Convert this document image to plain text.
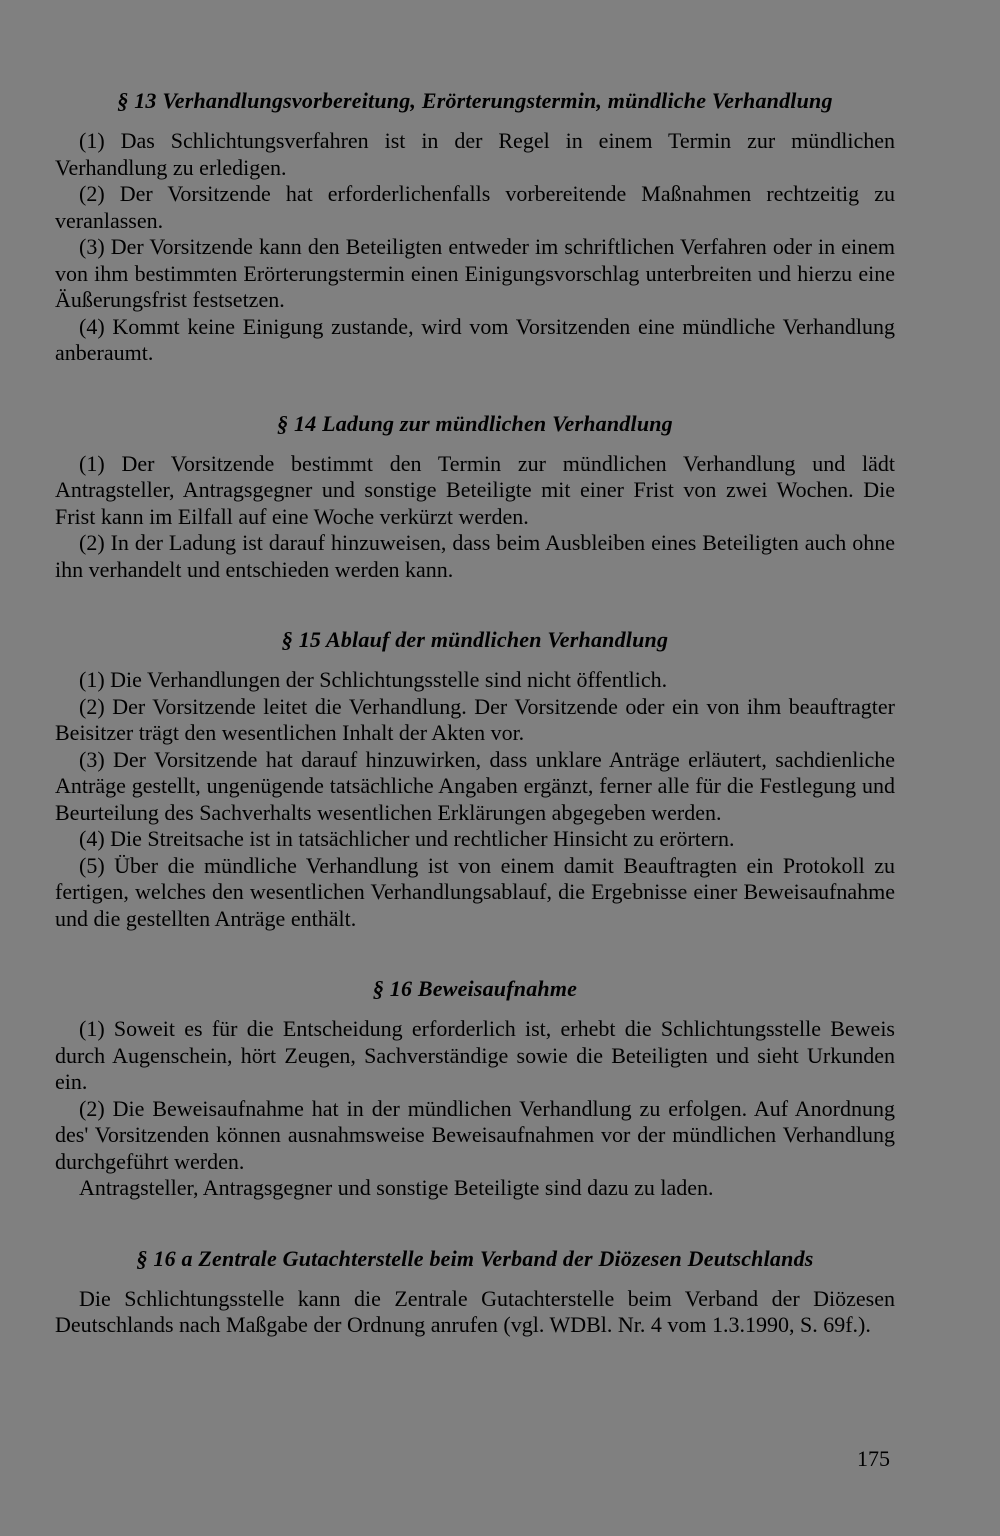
§ 13 Verhandlungsvorbereitung, Erörterungstermin, mündliche Verhandlung

(1) Das Schlichtungsverfahren ist in der Regel in einem Termin zur mündlichen Verhandlung zu erledigen.

(2) Der Vorsitzende hat erforderlichenfalls vorbereitende Maßnahmen rechtzeitig zu veranlassen.

(3) Der Vorsitzende kann den Beteiligten entweder im schriftlichen Verfahren oder in einem von ihm bestimmten Erörterungstermin einen Einigungsvorschlag unterbreiten und hierzu eine Äußerungsfrist festsetzen.

(4) Kommt keine Einigung zustande, wird vom Vorsitzenden eine mündliche Verhandlung anberaumt.

§ 14 Ladung zur mündlichen Verhandlung

(1) Der Vorsitzende bestimmt den Termin zur mündlichen Verhandlung und lädt Antragsteller, Antragsgegner und sonstige Beteiligte mit einer Frist von zwei Wochen. Die Frist kann im Eilfall auf eine Woche verkürzt werden.

(2) In der Ladung ist darauf hinzuweisen, dass beim Ausbleiben eines Beteiligten auch ohne ihn verhandelt und entschieden werden kann.

§ 15 Ablauf der mündlichen Verhandlung

(1) Die Verhandlungen der Schlichtungsstelle sind nicht öffentlich.

(2) Der Vorsitzende leitet die Verhandlung. Der Vorsitzende oder ein von ihm beauftragter Beisitzer trägt den wesentlichen Inhalt der Akten vor.

(3) Der Vorsitzende hat darauf hinzuwirken, dass unklare Anträge erläutert, sachdienliche Anträge gestellt, ungenügende tatsächliche Angaben ergänzt, ferner alle für die Festlegung und Beurteilung des Sachverhalts wesentlichen Erklärungen abgegeben werden.

(4) Die Streitsache ist in tatsächlicher und rechtlicher Hinsicht zu erörtern.

(5) Über die mündliche Verhandlung ist von einem damit Beauftragten ein Protokoll zu fertigen, welches den wesentlichen Verhandlungsablauf, die Ergebnisse einer Beweisaufnahme und die gestellten Anträge enthält.

§ 16 Beweisaufnahme

(1) Soweit es für die Entscheidung erforderlich ist, erhebt die Schlichtungsstelle Beweis durch Augenschein, hört Zeugen, Sachverständige sowie die Beteiligten und sieht Urkunden ein.

(2) Die Beweisaufnahme hat in der mündlichen Verhandlung zu erfolgen. Auf Anordnung des' Vorsitzenden können ausnahmsweise Beweisaufnahmen vor der mündlichen Verhandlung durchgeführt werden.

Antragsteller, Antragsgegner und sonstige Beteiligte sind dazu zu laden.

§ 16 a Zentrale Gutachterstelle beim Verband der Diözesen Deutschlands

Die Schlichtungsstelle kann die Zentrale Gutachterstelle beim Verband der Diözesen Deutschlands nach Maßgabe der Ordnung anrufen (vgl. WDBl. Nr. 4 vom 1.3.1990, S. 69f.).

175
